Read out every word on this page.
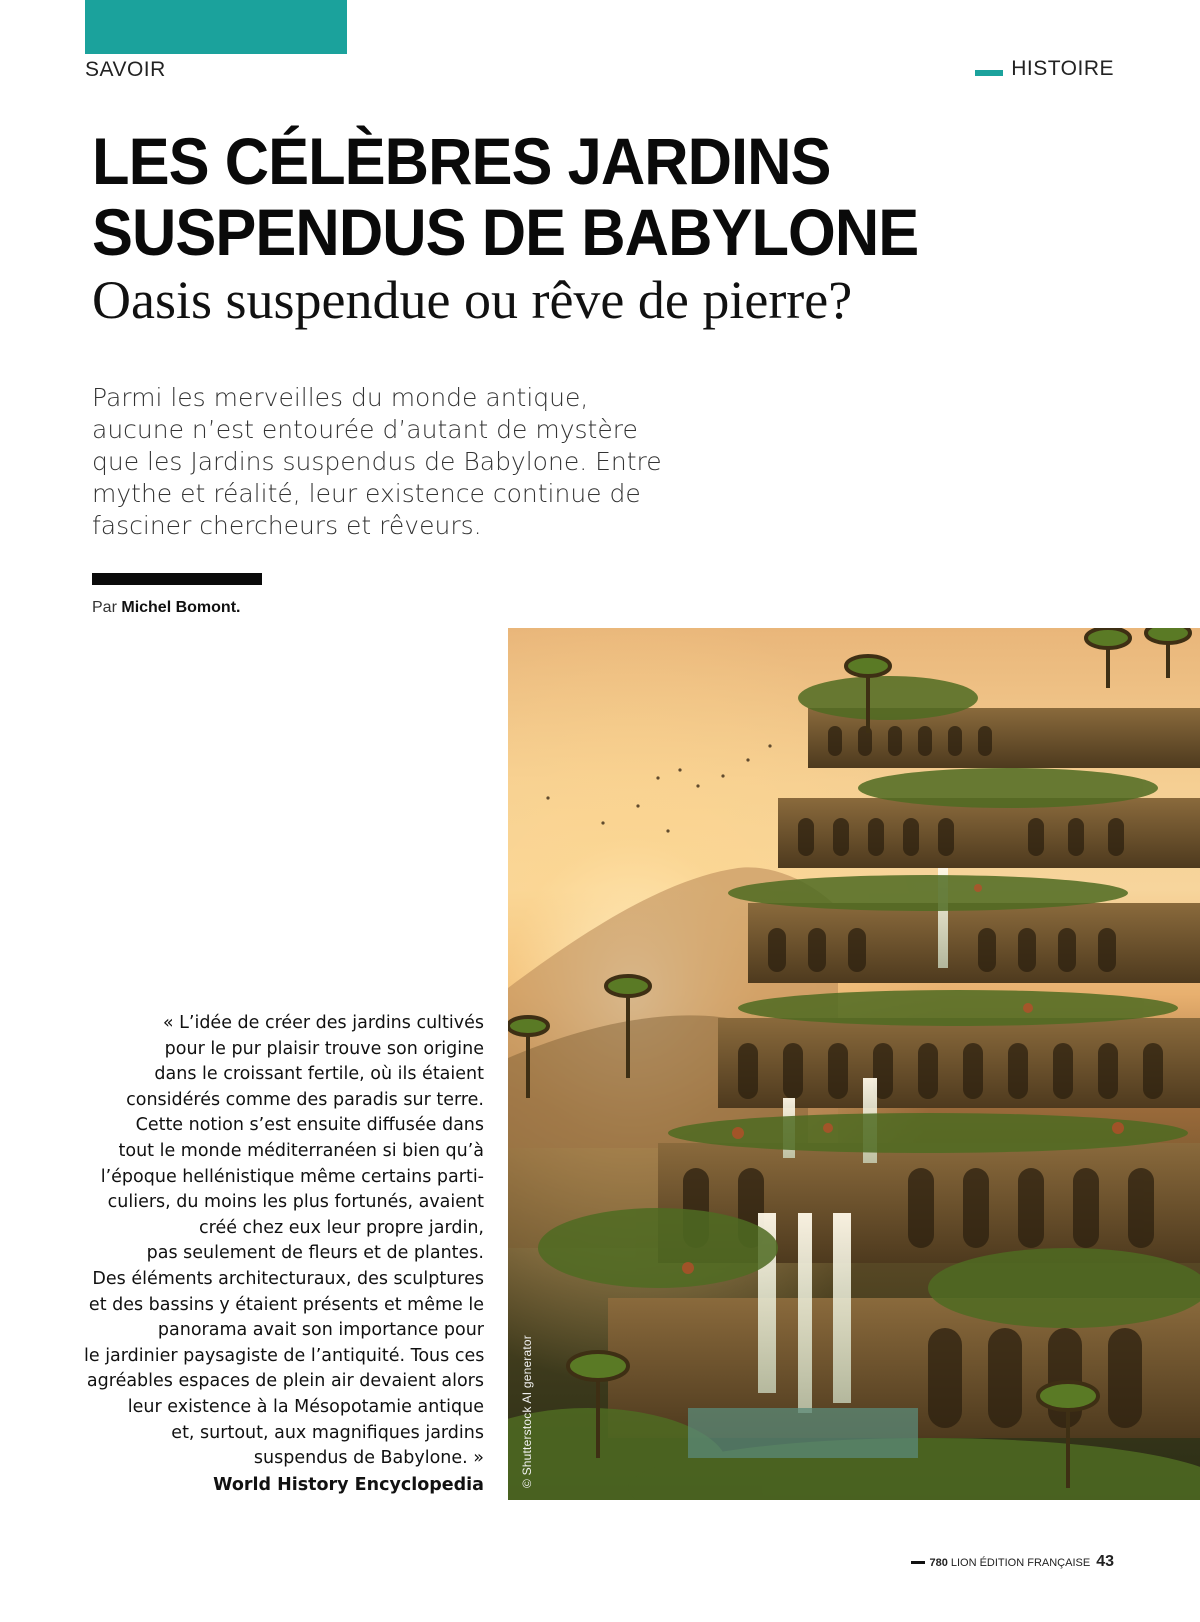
SAVOIR	HISTOIRE
LES CÉLÈBRES JARDINS SUSPENDUS DE BABYLONE
Oasis suspendue ou rêve de pierre?

Parmi les merveilles du monde antique, aucune n’est entourée d’autant de mystère que les Jardins suspendus de Babylone. Entre mythe et réalité, leur existence continue de fasciner chercheurs et rêveurs.

Par Michel Bomont.
© Shutterstock AI generator
« L’idée de créer des jardins cultivés
pour le pur plaisir trouve son origine
dans le croissant fertile, où ils étaient
considérés comme des paradis sur terre.
Cette notion s’est ensuite diffusée dans
tout le monde méditerranéen si bien qu’à
l’époque hellénistique même certains parti-
culiers, du moins les plus fortunés, avaient
créé chez eux leur propre jardin,
pas seulement de fleurs et de plantes.
Des éléments architecturaux, des sculptures
et des bassins y étaient présents et même le
panorama avait son importance pour
le jardinier paysagiste de l’antiquité. Tous ces
agréables espaces de plein air devaient alors
leur existence à la Mésopotamie antique
et, surtout, aux magnifiques jardins
suspendus de Babylone. »
World History Encyclopedia
780 LION ÉDITION FRANÇAISE 43
